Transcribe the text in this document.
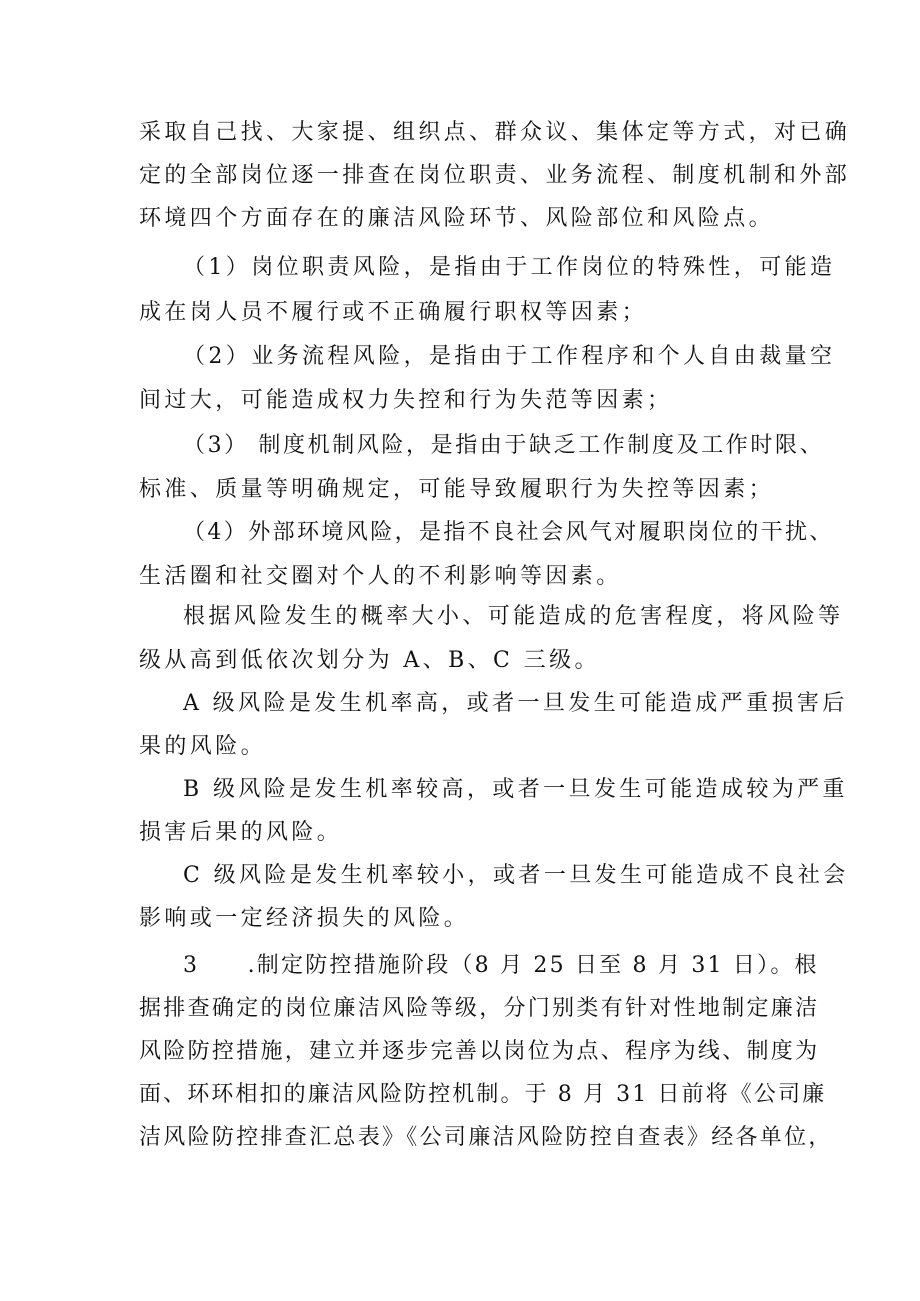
采取自己找、大家提、组织点、群众议、集体定等方式，对已确
定的全部岗位逐一排查在岗位职责、业务流程、制度机制和外部
环境四个方面存在的廉洁风险环节、风险部位和风险点。
（1）岗位职责风险，是指由于工作岗位的特殊性，可能造
成在岗人员不履行或不正确履行职权等因素；
（2）业务流程风险，是指由于工作程序和个人自由裁量空
间过大，可能造成权力失控和行为失范等因素；
（3） 制度机制风险，是指由于缺乏工作制度及工作时限、
标准、质量等明确规定，可能导致履职行为失控等因素；
（4）外部环境风险，是指不良社会风气对履职岗位的干扰、
生活圈和社交圈对个人的不利影响等因素。
根据风险发生的概率大小、可能造成的危害程度，将风险等
级从高到低依次划分为 A、B、C 三级。
A 级风险是发生机率高，或者一旦发生可能造成严重损害后
果的风险。
B 级风险是发生机率较高，或者一旦发生可能造成较为严重
损害后果的风险。
C 级风险是发生机率较小，或者一旦发生可能造成不良社会
影响或一定经济损失的风险。
3　　.制定防控措施阶段（8 月 25 日至 8 月 31 日）。根
据排查确定的岗位廉洁风险等级，分门别类有针对性地制定廉洁
风险防控措施，建立并逐步完善以岗位为点、程序为线、制度为
面、环环相扣的廉洁风险防控机制。于 8 月 31 日前将《公司廉
洁风险防控排查汇总表》《公司廉洁风险防控自查表》经各单位，
